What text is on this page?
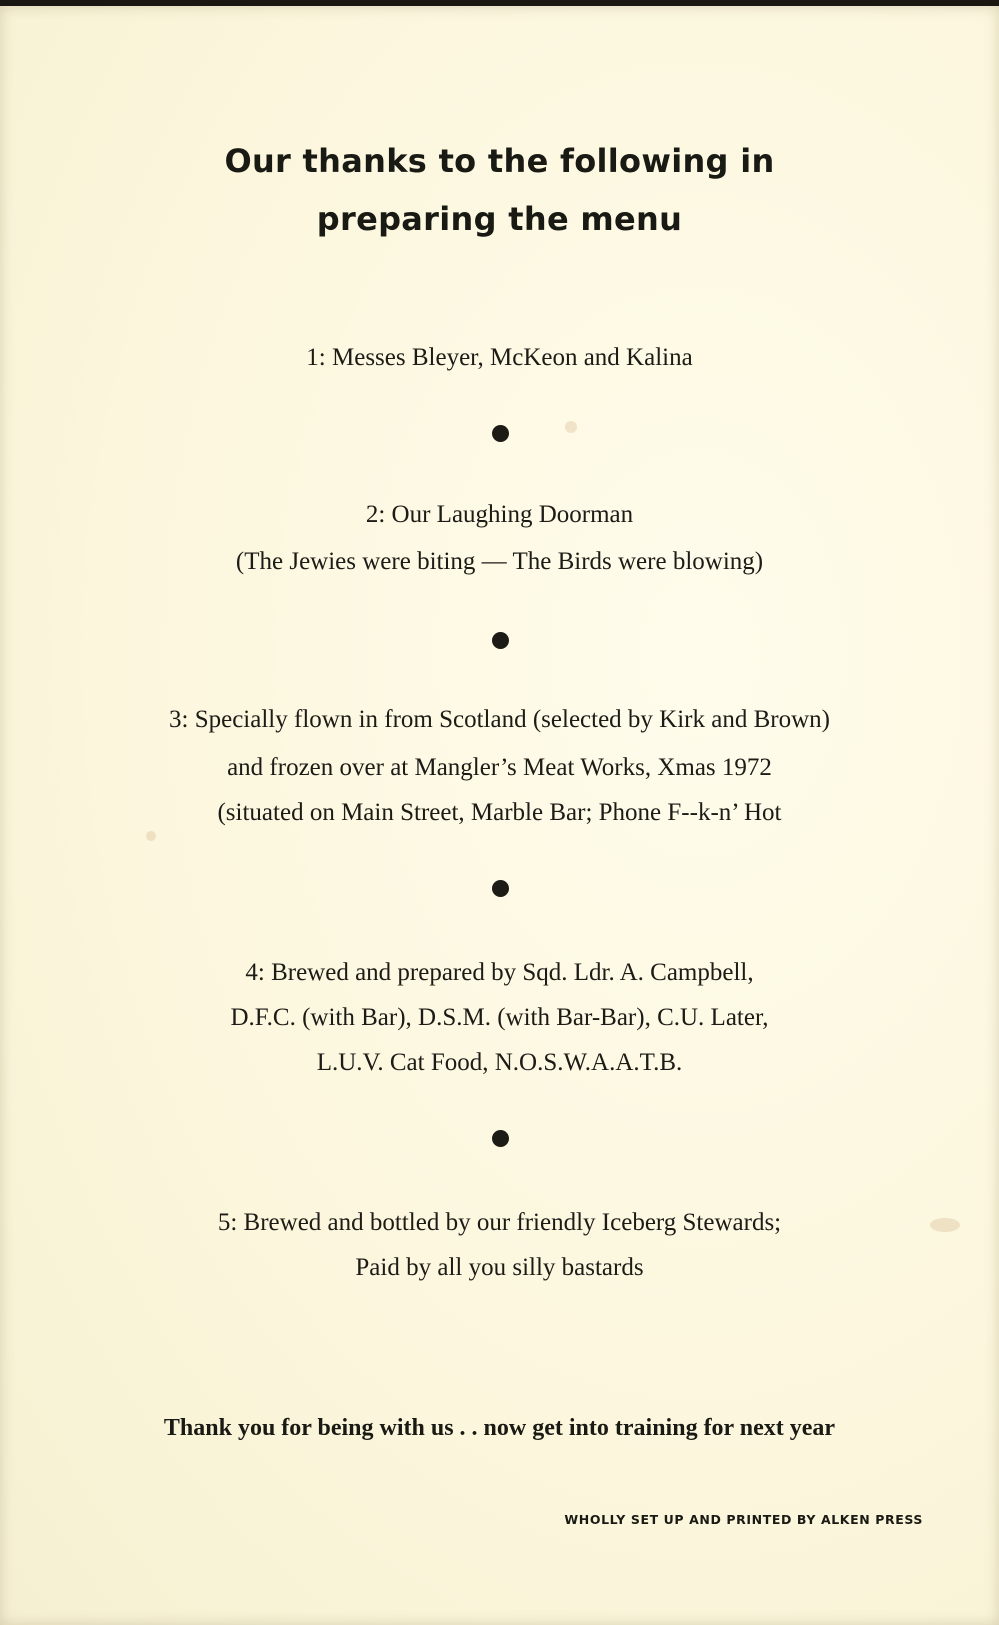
Our thanks to the following in
preparing the menu

1: Messes Bleyer, McKeon and Kalina

2: Our Laughing Doorman

(The Jewies were biting — The Birds were blowing)

3: Specially flown in from Scotland (selected by Kirk and Brown)

and frozen over at Mangler’s Meat Works, Xmas 1972

(situated on Main Street, Marble Bar; Phone F--k-n’ Hot

4: Brewed and prepared by Sqd. Ldr. A. Campbell,

D.F.C. (with Bar), D.S.M. (with Bar-Bar), C.U. Later,

L.U.V. Cat Food, N.O.S.W.A.A.T.B.

5: Brewed and bottled by our friendly Iceberg Stewards;

Paid by all you silly bastards

Thank you for being with us . . now get into training for next year

WHOLLY SET UP AND PRINTED BY ALKEN PRESS
